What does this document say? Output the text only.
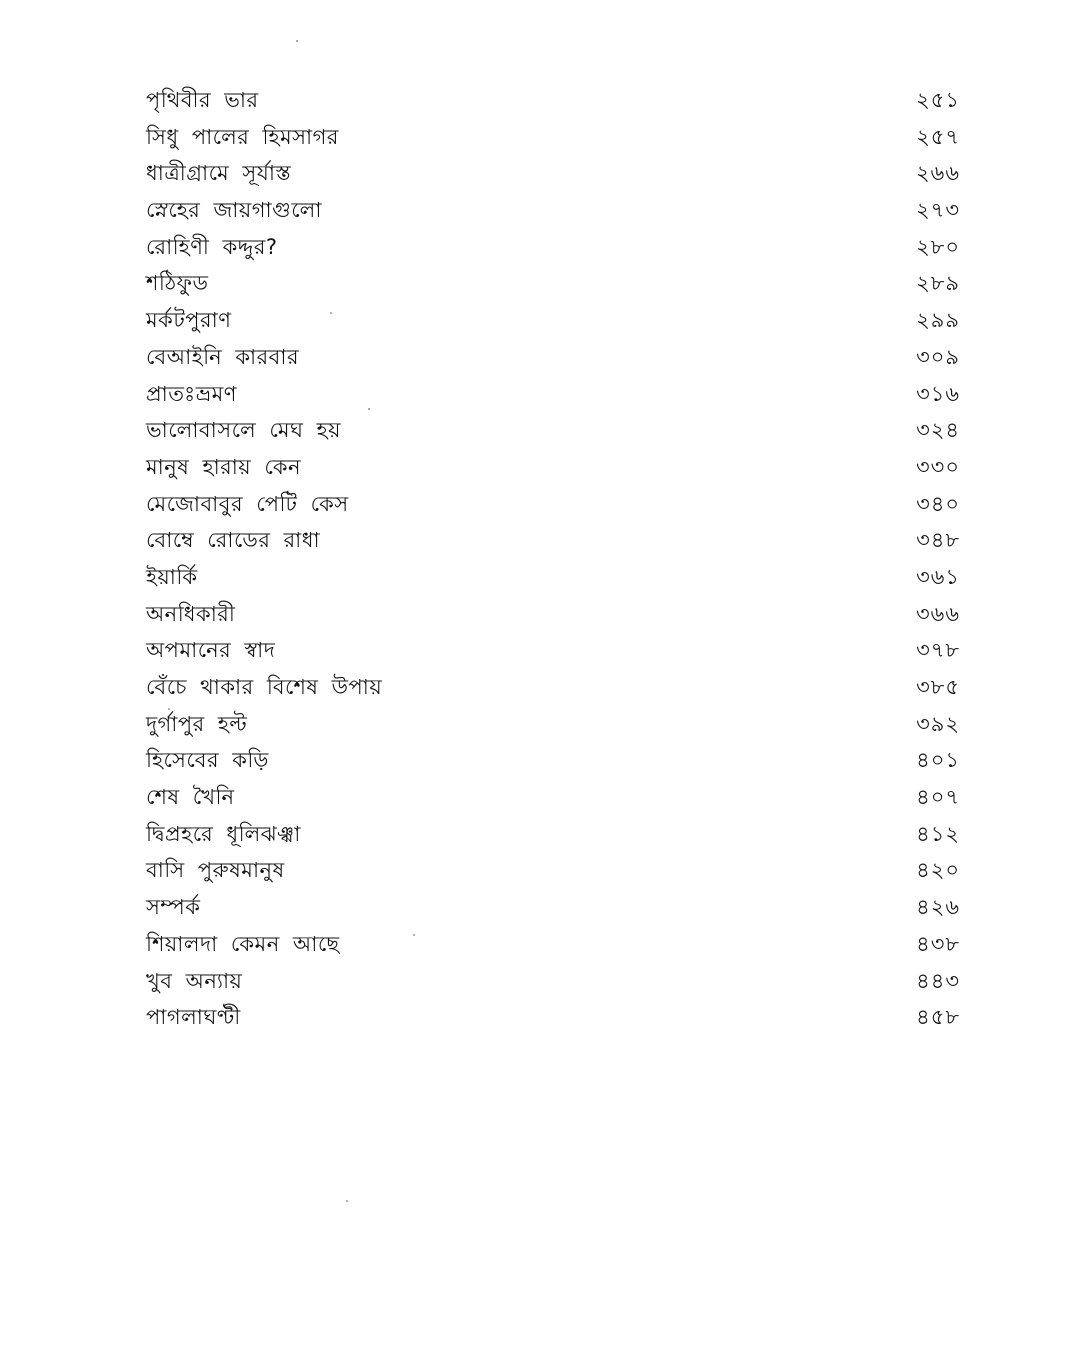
পৃথিবীর ভার	২৫১
সিধু পালের হিমসাগর	২৫৭
ধাত্রীগ্রামে সূর্যাস্ত	২৬৬
স্নেহের জায়গাগুলো	২৭৩
রোহিণী কদ্দুর?	২৮০
শঠিফুড	২৮৯
মর্কটপুরাণ	২৯৯
বেআইনি কারবার	৩০৯
প্রাতঃভ্রমণ	৩১৬
ভালোবাসলে মেঘ হয়	৩২৪
মানুষ হারায় কেন	৩৩০
মেজোবাবুর পেটি কেস	৩৪০
বোম্বে রোডের রাধা	৩৪৮
ইয়ার্কি	৩৬১
অনধিকারী	৩৬৬
অপমানের স্বাদ	৩৭৮
বেঁচে থাকার বিশেষ উপায়	৩৮৫
দুর্গাপুর হল্ট	৩৯২
হিসেবের কড়ি	৪০১
শেষ খৈনি	৪০৭
দ্বিপ্রহরে ধূলিঝঞ্ঝা	৪১২
বাসি পুরুষমানুষ	৪২০
সম্পর্ক	৪২৬
শিয়ালদা কেমন আছে	৪৩৮
খুব অন্যায়	৪৪৩
পাগলাঘণ্টী	৪৫৮
